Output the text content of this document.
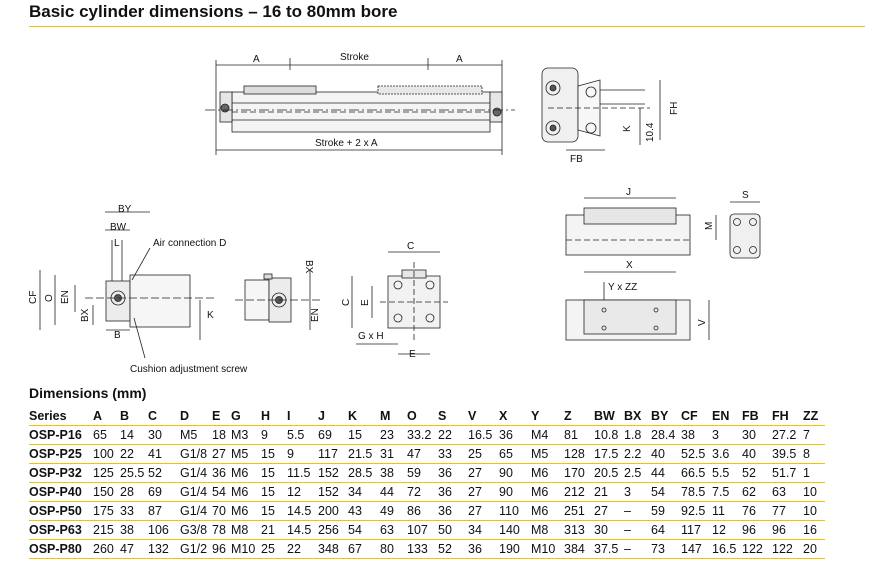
Basic cylinder dimensions – 16 to 80mm bore
A	Stroke	A
Stroke + 2 x A
FH
K 10.4
FB
J
M
S
X
Y x ZZ
V
BY
BW
L	Air connection D
CF O EN
BX
B
K
Cushion adjustment screw
BX
EN
C
C E
G x H
E
Dimensions (mm)
Series	A	B	C	D	E	G	H	I	J	K	M	O	S	V	X	Y	Z	BW	BX	BY	CF	EN	FB	FH	ZZ
OSP-P16	65	14	30	M5	18	M3	9	5.5	69	15	23	33.2	22	16.5	36	M4	81	10.8	1.8	28.4	38	3	30	27.2	7
OSP-P25	100	22	41	G1/8	27	M5	15	9	117	21.5	31	47	33	25	65	M5	128	17.5	2.2	40	52.5	3.6	40	39.5	8
OSP-P32	125	25.5	52	G1/4	36	M6	15	11.5	152	28.5	38	59	36	27	90	M6	170	20.5	2.5	44	66.5	5.5	52	51.7	1
OSP-P40	150	28	69	G1/4	54	M6	15	12	152	34	44	72	36	27	90	M6	212	21	3	54	78.5	7.5	62	63	10
OSP-P50	175	33	87	G1/4	70	M6	15	14.5	200	43	49	86	36	27	110	M6	251	27	–	59	92.5	11	76	77	10
OSP-P63	215	38	106	G3/8	78	M8	21	14.5	256	54	63	107	50	34	140	M8	313	30	–	64	117	12	96	96	16
OSP-P80	260	47	132	G1/2	96	M10	25	22	348	67	80	133	52	36	190	M10	384	37.5	–	73	147	16.5	122	122	20
